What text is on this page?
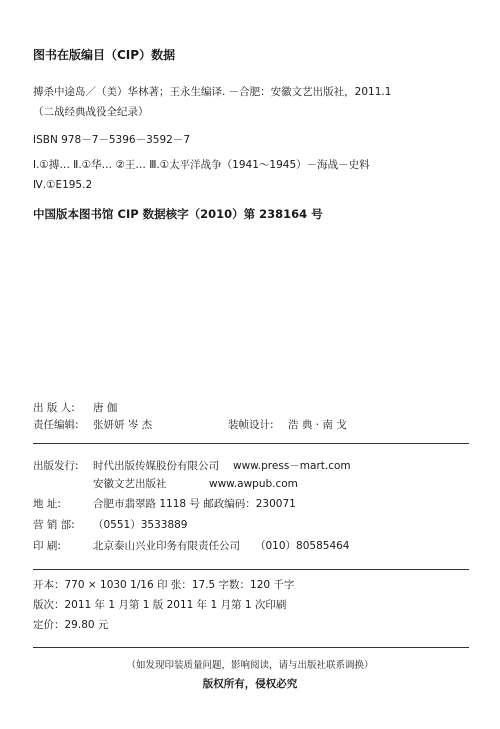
图书在版编目（CIP）数据
搏杀中途岛／（美）华林著；王永生编译. －合肥：安徽文艺出版社，2011.1
（二战经典战役全纪录）
ISBN 978－7－5396－3592－7
Ⅰ.①搏… Ⅱ.①华… ②王… Ⅲ.①太平洋战争（1941～1945）－海战－史料
Ⅳ.①E195.2
中国版本图书馆 CIP 数据核字（2010）第 238164 号
出 版 人: 唐 伽
责任编辑: 张妍妍 岑 杰	装帧设计: 浩 典 · 南 戈
出版发行: 时代出版传媒股份有限公司 www.press－mart.com
安徽文艺出版社	www.awpub.com
地 址:	合肥市翡翠路 1118 号 邮政编码：230071
营 销 部: （0551）3533889
印 刷:	北京泰山兴业印务有限责任公司 （010）80585464
开本：770 × 1030 1/16 印 张：17.5 字数：120 千字
版次：2011 年 1 月第 1 版 2011 年 1 月第 1 次印刷
定价：29.80 元
（如发现印装质量问题，影响阅读，请与出版社联系调换）
版权所有，侵权必究
